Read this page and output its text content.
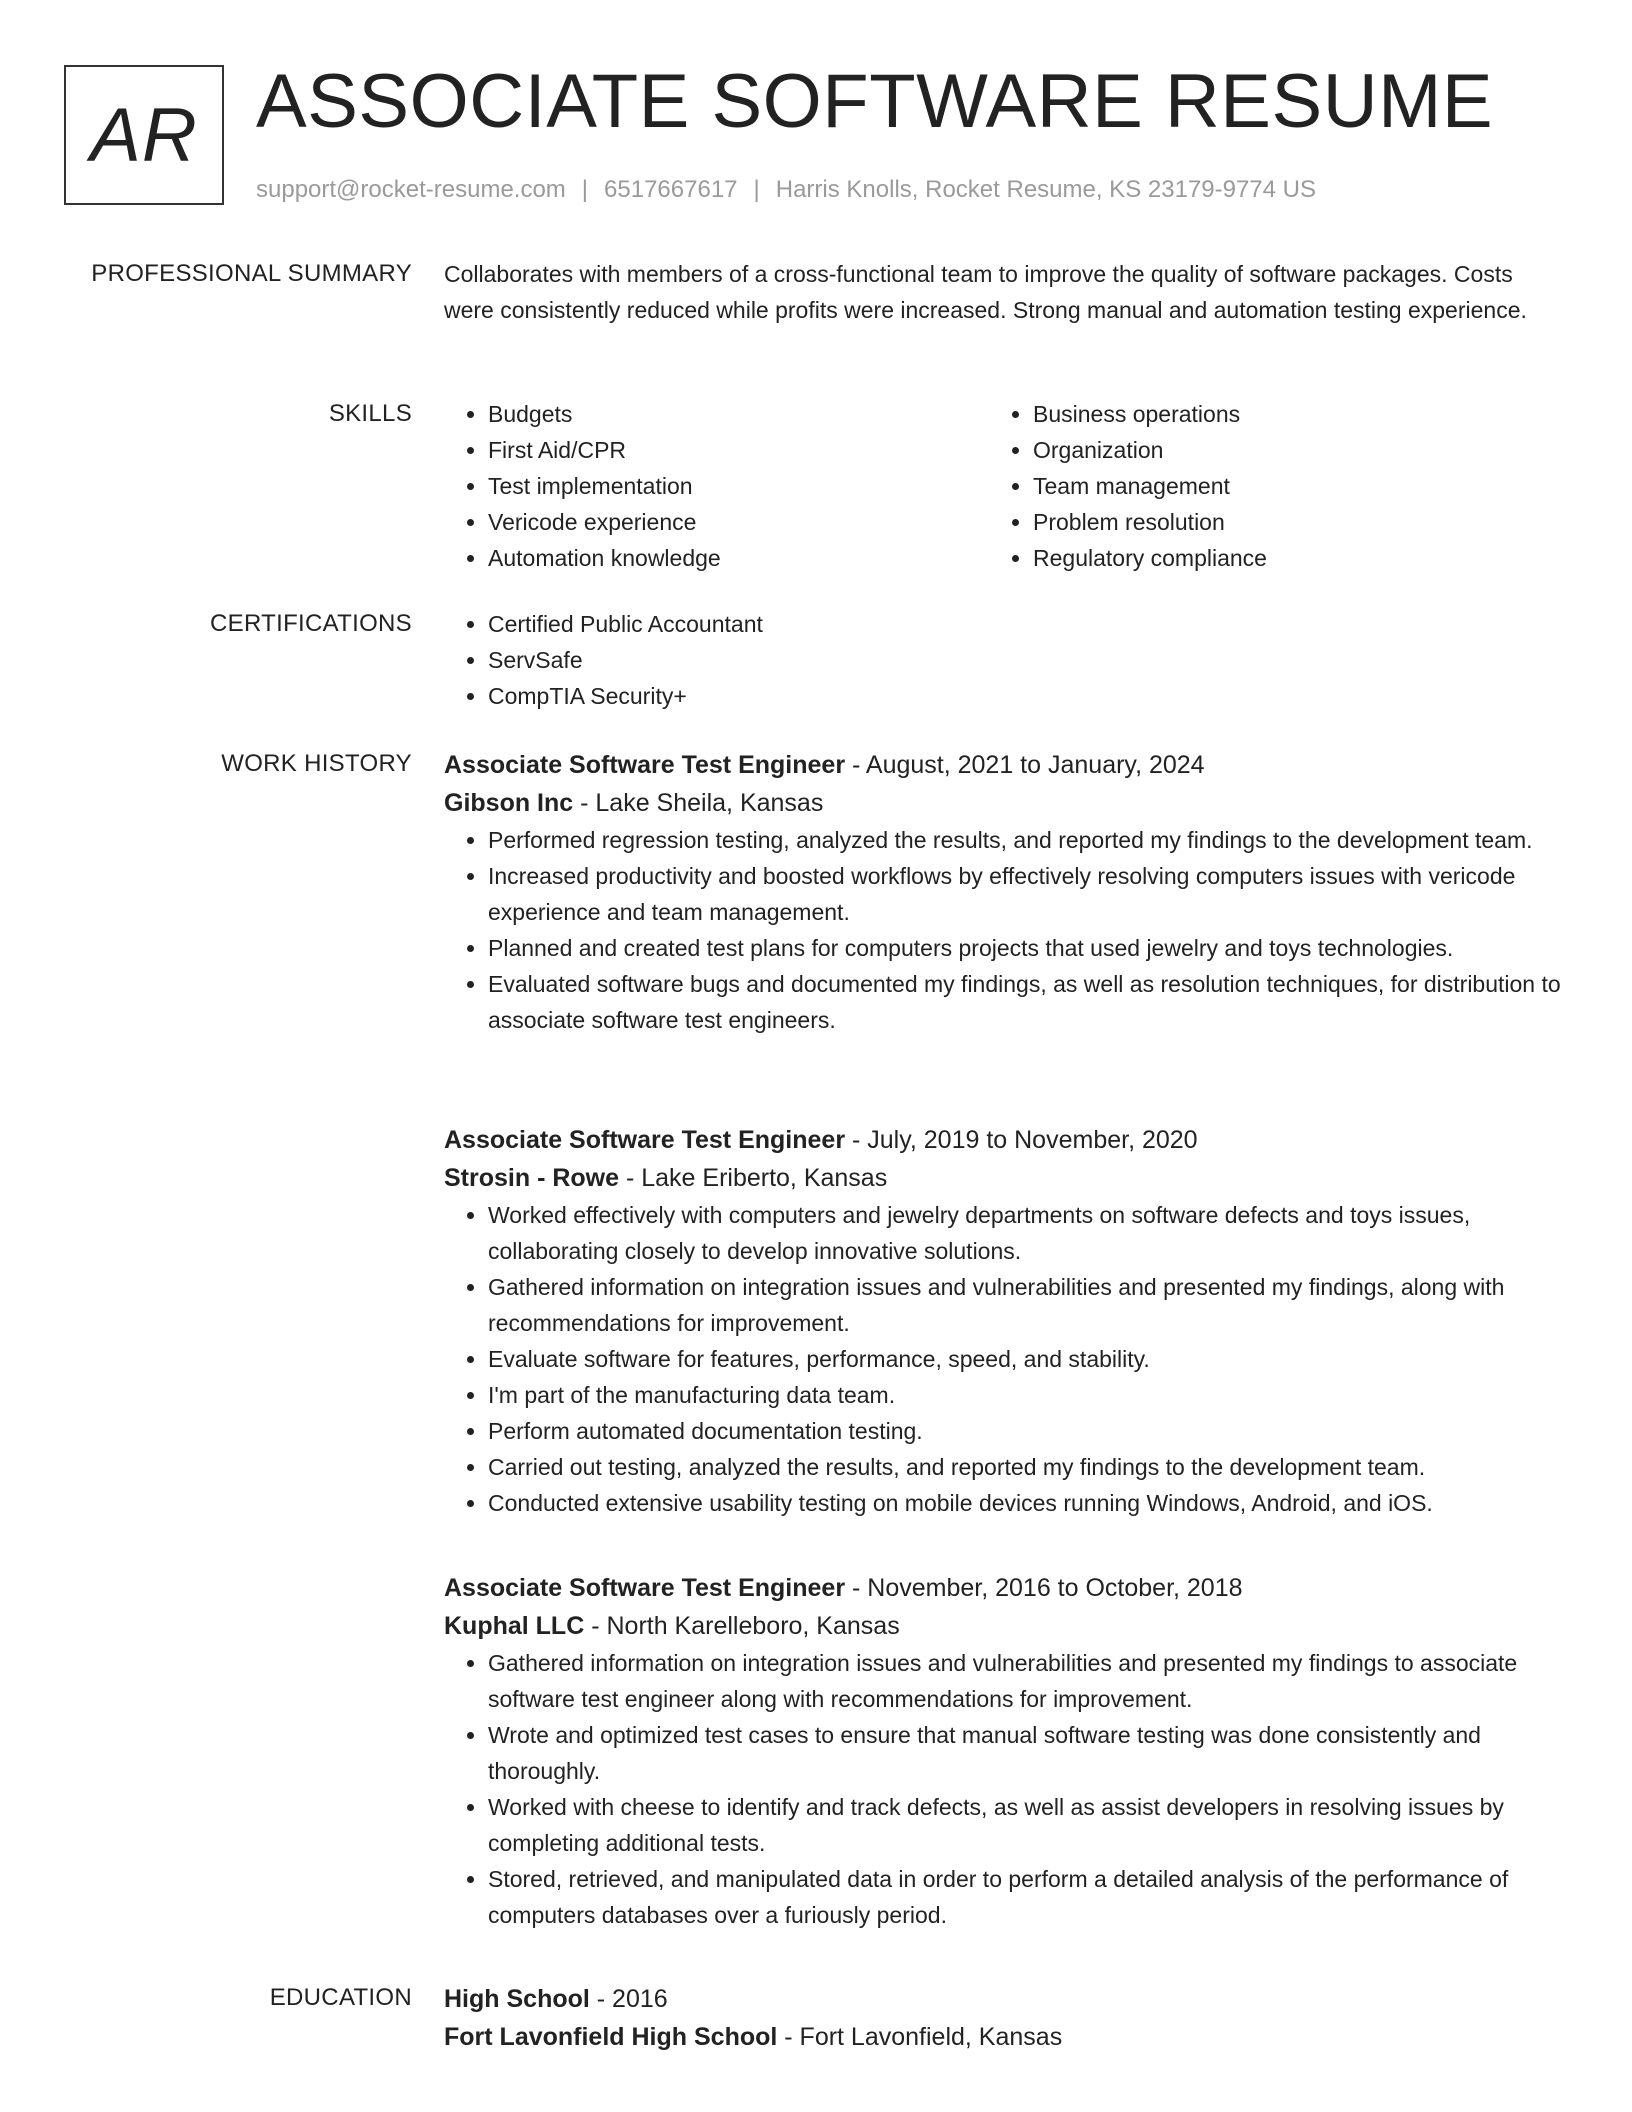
AR ASSOCIATE SOFTWARE RESUME
support@rocket-resume.com | 6517667617 | Harris Knolls, Rocket Resume, KS 23179-9774 US
PROFESSIONAL SUMMARY Collaborates with members of a cross-functional team to improve the quality of software packages. Costs were consistently reduced while profits were increased. Strong manual and automation testing experience.

SKILLS	• Budgets
• First Aid/CPR
• Test implementation
• Vericode experience
• Automation knowledge
• Business operations
• Organization
• Team management
• Problem resolution
• Regulatory compliance
CERTIFICATIONS	• Certified Public Accountant
• ServSafe
• CompTIA Security+
WORK HISTORY Associate Software Test Engineer - August, 2021 to January, 2024

Gibson Inc - Lake Sheila, Kansas

• Performed regression testing, analyzed the results, and reported my findings to the development team.
• Increased productivity and boosted workflows by effectively resolving computers issues with vericode experience and team management.
• Planned and created test plans for computers projects that used jewelry and toys technologies.
• Evaluated software bugs and documented my findings, as well as resolution techniques, for distribution to associate software test engineers.

Associate Software Test Engineer - July, 2019 to November, 2020

Strosin - Rowe - Lake Eriberto, Kansas

• Worked effectively with computers and jewelry departments on software defects and toys issues, collaborating closely to develop innovative solutions.
• Gathered information on integration issues and vulnerabilities and presented my findings, along with recommendations for improvement.
• Evaluate software for features, performance, speed, and stability.
• I'm part of the manufacturing data team.
• Perform automated documentation testing.
• Carried out testing, analyzed the results, and reported my findings to the development team.
• Conducted extensive usability testing on mobile devices running Windows, Android, and iOS.

Associate Software Test Engineer - November, 2016 to October, 2018

Kuphal LLC - North Karelleboro, Kansas

• Gathered information on integration issues and vulnerabilities and presented my findings to associate software test engineer along with recommendations for improvement.
• Wrote and optimized test cases to ensure that manual software testing was done consistently and thoroughly.
• Worked with cheese to identify and track defects, as well as assist developers in resolving issues by completing additional tests.
• Stored, retrieved, and manipulated data in order to perform a detailed analysis of the performance of computers databases over a furiously period.
EDUCATION High School - 2016

Fort Lavonfield High School - Fort Lavonfield, Kansas
